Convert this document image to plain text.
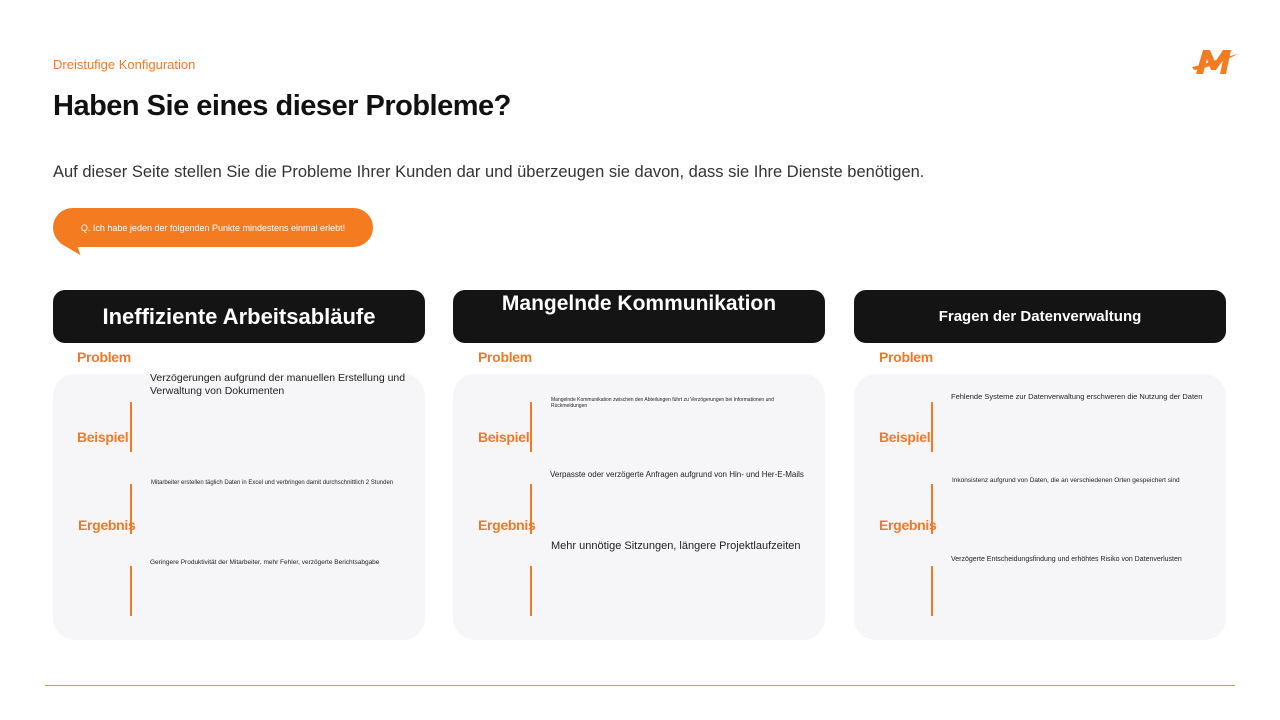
Dreistufige Konfiguration
Haben Sie eines dieser Probleme?
Auf dieser Seite stellen Sie die Probleme Ihrer Kunden dar und überzeugen sie davon, dass sie Ihre Dienste benötigen.
Q. Ich habe jeden der folgenden Punkte mindestens einmal erlebt!
Ineffiziente Arbeitsabläufe
Problem
Verzögerungen aufgrund der manuellen Erstellung und Verwaltung von Dokumenten
Beispiel
Mitarbeiter erstellen täglich Daten in Excel und verbringen damit durchschnittlich 2 Stunden
Ergebnis
Geringere Produktivität der Mitarbeiter, mehr Fehler, verzögerte Berichtsabgabe
Mangelnde Kommunikation
Problem
Mangelnde Kommunikation zwischen den Abteilungen führt zu Verzögerungen bei Informationen und Rückmeldungen
Beispiel
Verpasste oder verzögerte Anfragen aufgrund von Hin- und Her-E-Mails
Ergebnis
Mehr unnötige Sitzungen, längere Projektlaufzeiten
Fragen der Datenverwaltung
Problem
Fehlende Systeme zur Datenverwaltung erschweren die Nutzung der Daten
Beispiel
Inkonsistenz aufgrund von Daten, die an verschiedenen Orten gespeichert sind
Ergebnis
Verzögerte Entscheidungsfindung und erhöhtes Risiko von Datenverlusten
